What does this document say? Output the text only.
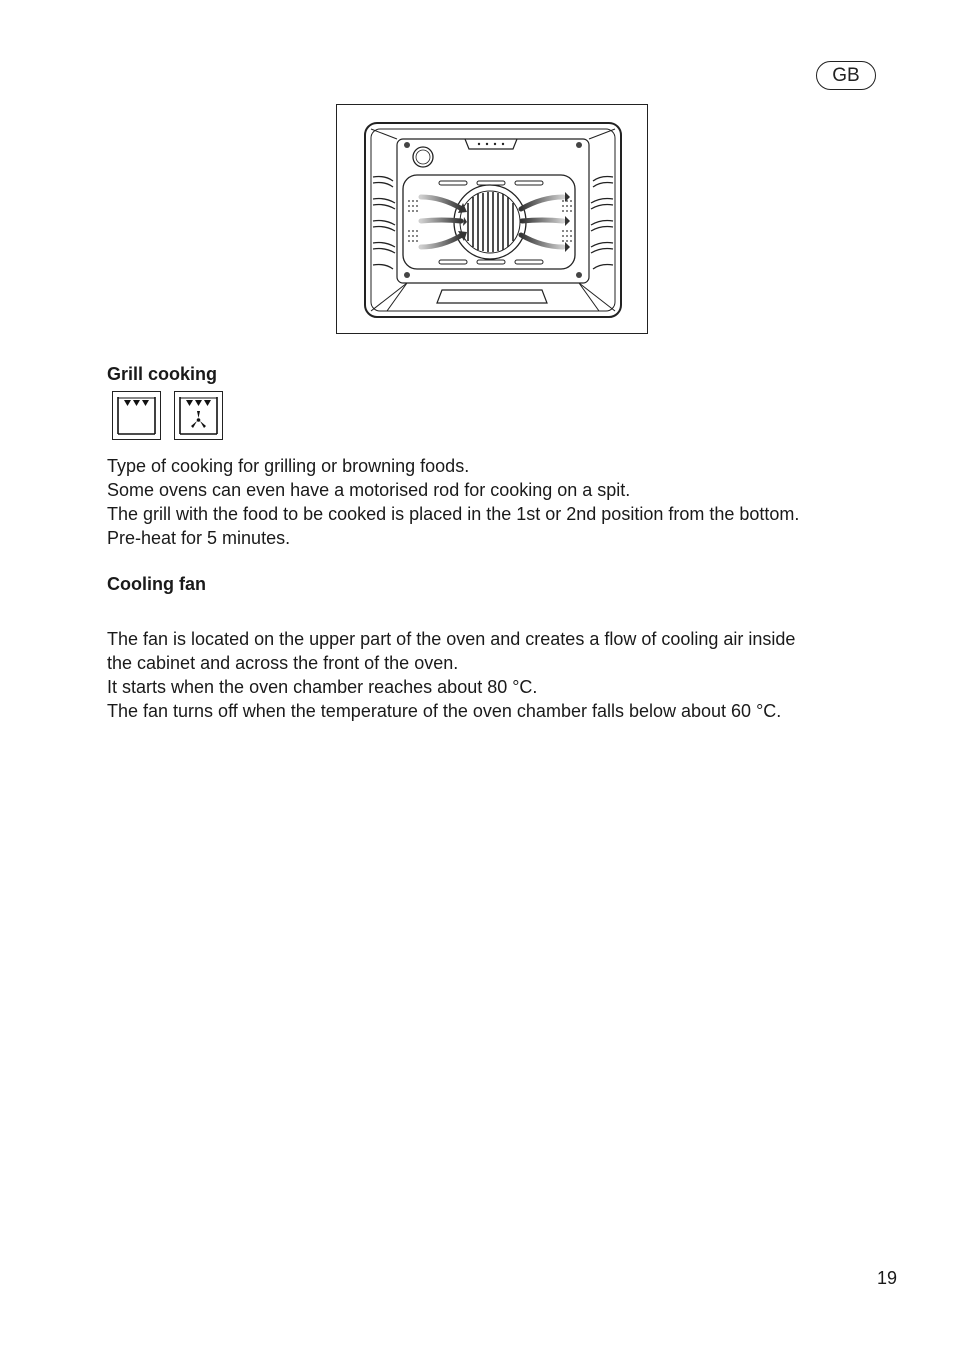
GB
Grill cooking

Type of cooking for grilling or browning foods.
Some ovens can even have a motorised rod for cooking on a spit.
The grill with the food to be cooked is placed in the 1st or 2nd position from the bottom.
Pre-heat for 5 minutes.

Cooling fan

The fan is located on the upper part of the oven and creates a flow of cooling air inside
the cabinet and across the front of the oven.
It starts when the oven chamber reaches about 80 °C.
The fan turns off when the temperature of the oven chamber falls below about 60 °C.

19
